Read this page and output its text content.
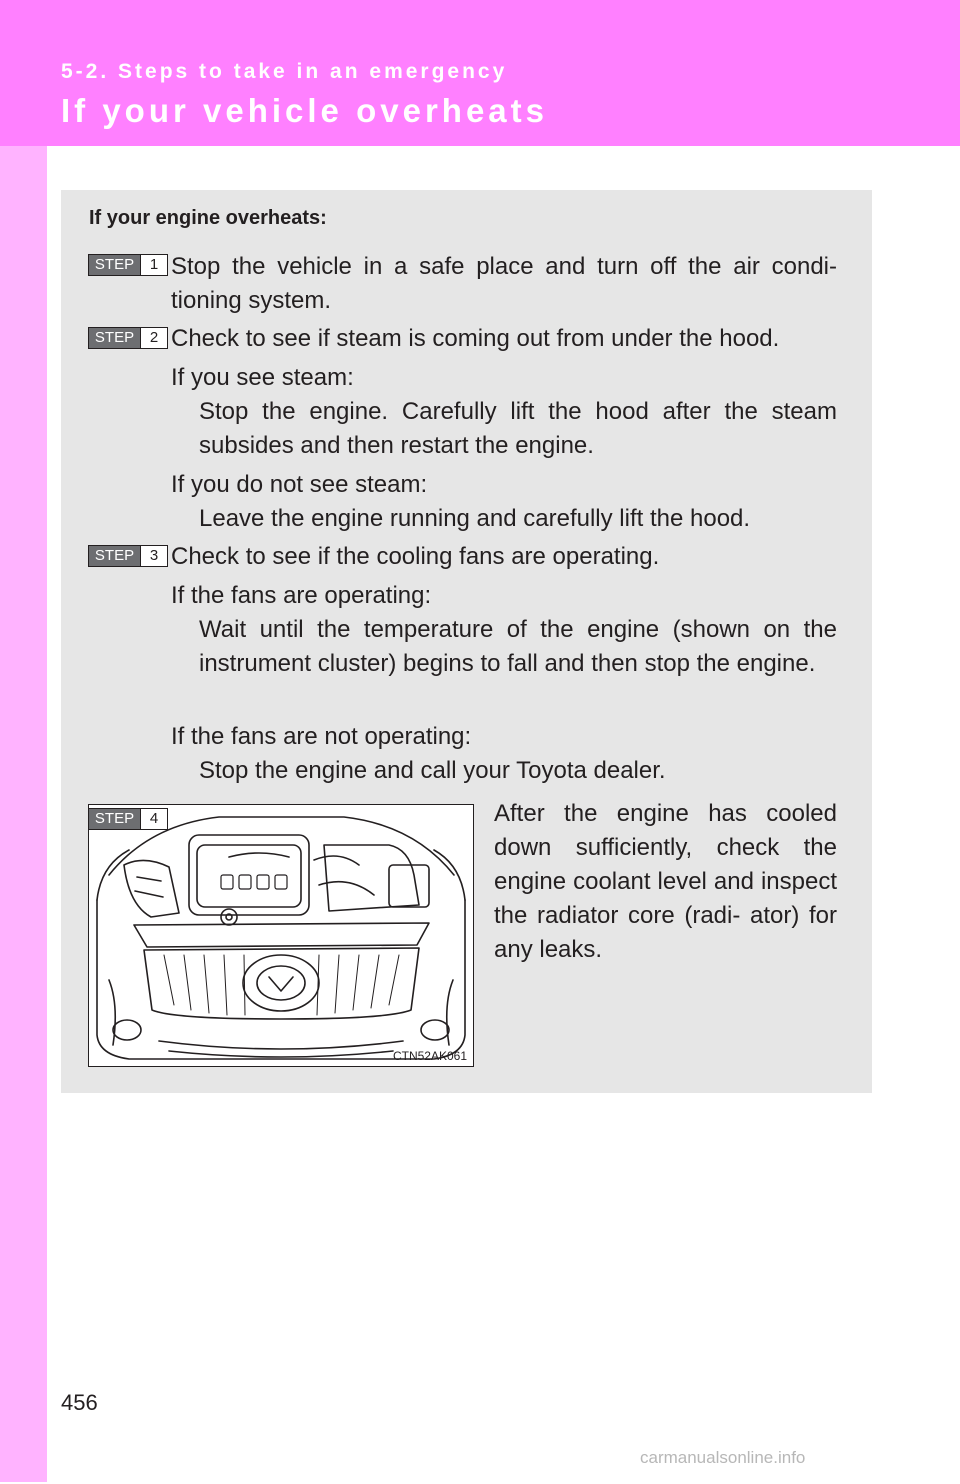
5-2. Steps to take in an emergency
If your vehicle overheats
If your engine overheats:
STEP	1 Stop the vehicle in a safe place and turn off the air condi- tioning system.
STEP	2 Check to see if steam is coming out from under the hood.
If you see steam:
Stop the engine. Carefully lift the hood after the steam subsides and then restart the engine.
If you do not see steam:
Leave the engine running and carefully lift the hood.
STEP	3 Check to see if the cooling fans are operating.
If the fans are operating:
Wait until the temperature of the engine (shown on the instrument cluster) begins to fall and then stop the engine.
If the fans are not operating:
Stop the engine and call your Toyota dealer.
CTN52AK061
STEP	4	After the engine has cooled down sufficiently, check the engine coolant level and inspect the radiator core (radi- ator) for any leaks.
456
carmanualsonline.info
